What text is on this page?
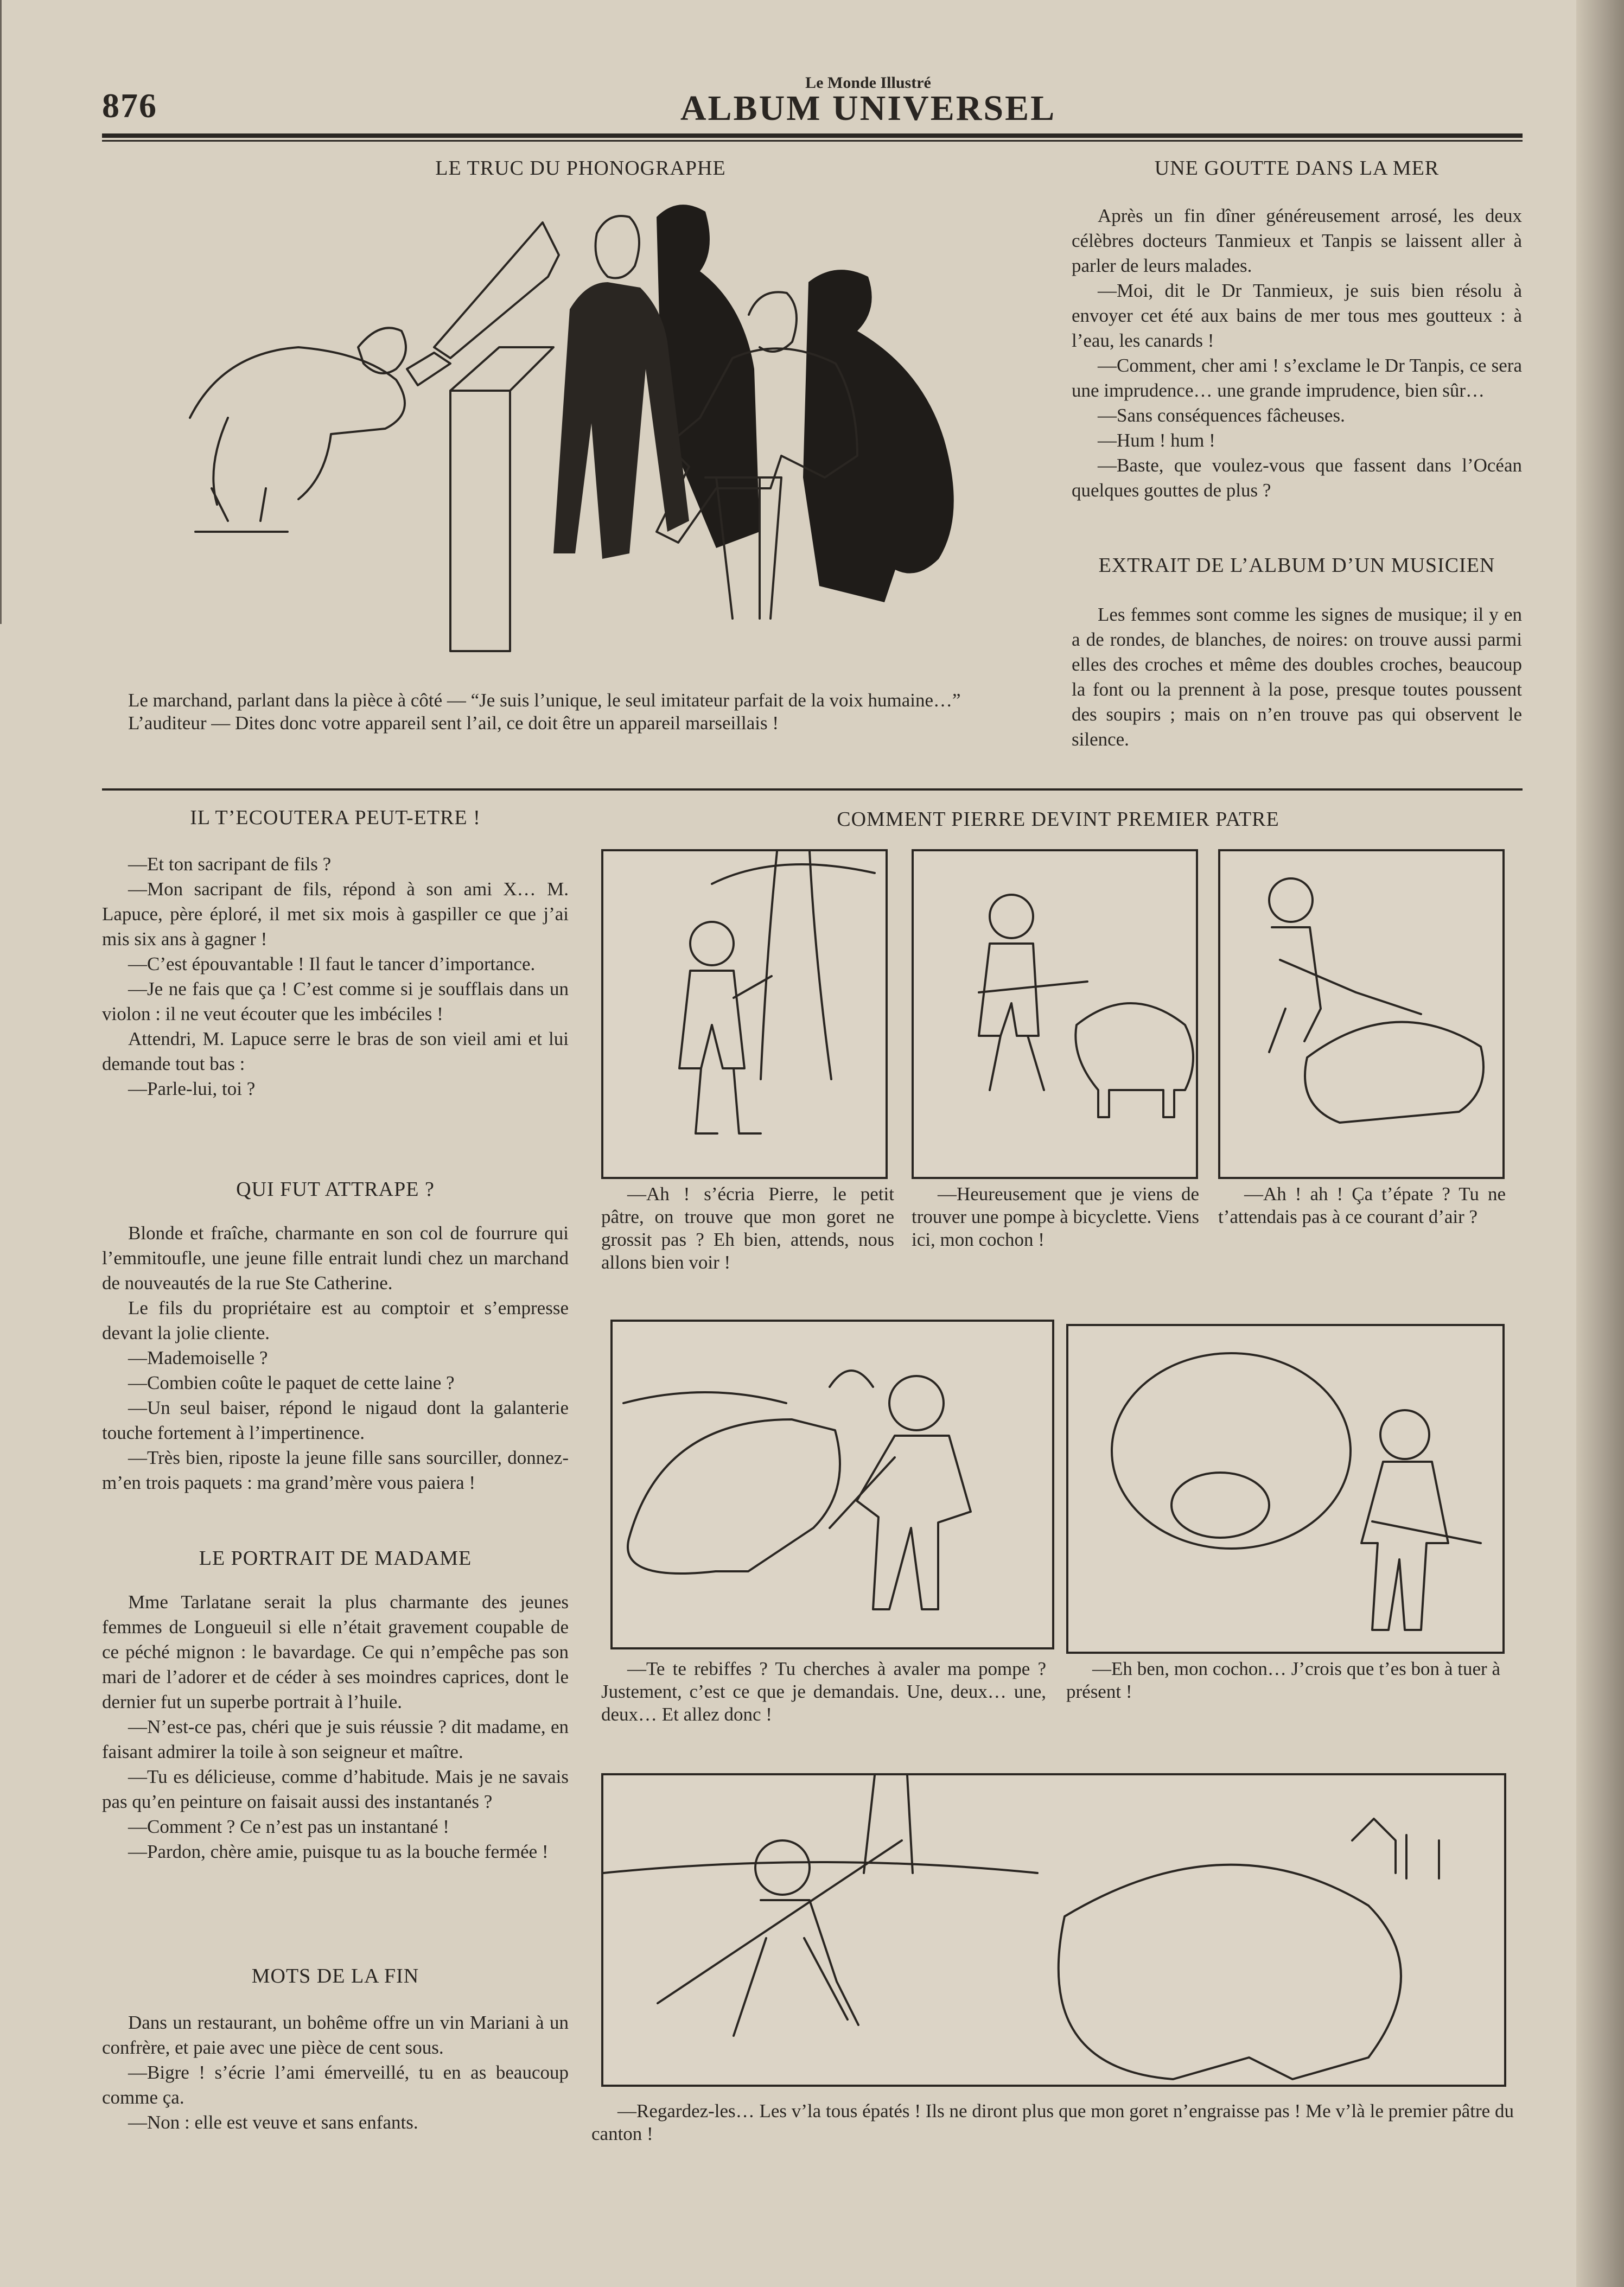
876
Le Monde Illustré
ALBUM UNIVERSEL
LE TRUC DU PHONOGRAPHE

Le marchand, parlant dans la pièce à côté — “Je suis l’unique, le seul imitateur parfait de la voix humaine…”

L’auditeur — Dites donc votre appareil sent l’ail, ce doit être un appareil marseillais !

UNE GOUTTE DANS LA MER

Après un fin dîner généreusement arrosé, les deux célèbres docteurs Tanmieux et Tanpis se laissent aller à parler de leurs malades.

—Moi, dit le Dr Tanmieux, je suis bien résolu à envoyer cet été aux bains de mer tous mes goutteux : à l’eau, les canards !

—Comment, cher ami ! s’exclame le Dr Tanpis, ce sera une imprudence… une grande imprudence, bien sûr…

—Sans conséquences fâcheuses.

—Hum ! hum !

—Baste, que voulez-vous que fassent dans l’Océan quelques gouttes de plus ?

EXTRAIT DE L’ALBUM D’UN MUSICIEN

Les femmes sont comme les signes de musique; il y en a de rondes, de blanches, de noires: on trouve aussi parmi elles des croches et même des doubles croches, beaucoup la font ou la prennent à la pose, presque toutes poussent des soupirs ; mais on n’en trouve pas qui observent le silence.

IL T’ECOUTERA PEUT-ETRE !

—Et ton sacripant de fils ?

—Mon sacripant de fils, répond à son ami X… M. Lapuce, père éploré, il met six mois à gaspiller ce que j’ai mis six ans à gagner !

—C’est épouvantable ! Il faut le tancer d’importance.

—Je ne fais que ça ! C’est comme si je soufflais dans un violon : il ne veut écouter que les imbéciles !

Attendri, M. Lapuce serre le bras de son vieil ami et lui demande tout bas :

—Parle-lui, toi ?

QUI FUT ATTRAPE ?

Blonde et fraîche, charmante en son col de fourrure qui l’emmitoufle, une jeune fille entrait lundi chez un marchand de nouveautés de la rue Ste Catherine.

Le fils du propriétaire est au comptoir et s’empresse devant la jolie cliente.

—Mademoiselle ?

—Combien coûte le paquet de cette laine ?

—Un seul baiser, répond le nigaud dont la galanterie touche fortement à l’impertinence.

—Très bien, riposte la jeune fille sans sourciller, donnez-m’en trois paquets : ma grand’mère vous paiera !

LE PORTRAIT DE MADAME

Mme Tarlatane serait la plus charmante des jeunes femmes de Longueuil si elle n’était gravement coupable de ce péché mignon : le bavardage. Ce qui n’empêche pas son mari de l’adorer et de céder à ses moindres caprices, dont le dernier fut un superbe portrait à l’huile.

—N’est-ce pas, chéri que je suis réussie ? dit madame, en faisant admirer la toile à son seigneur et maître.

—Tu es délicieuse, comme d’habitude. Mais je ne savais pas qu’en peinture on faisait aussi des instantanés ?

—Comment ? Ce n’est pas un instantané !

—Pardon, chère amie, puisque tu as la bouche fermée !

MOTS DE LA FIN

Dans un restaurant, un bohême offre un vin Mariani à un confrère, et paie avec une pièce de cent sous.

—Bigre ! s’écrie l’ami émerveillé, tu en as beaucoup comme ça.

—Non : elle est veuve et sans enfants.

COMMENT PIERRE DEVINT PREMIER PATRE

—Ah ! s’écria Pierre, le petit pâtre, on trouve que mon goret ne grossit pas ? Eh bien, attends, nous allons bien voir !

—Heureusement que je viens de trouver une pompe à bicyclette. Viens ici, mon cochon !

—Ah ! ah ! Ça t’épate ? Tu ne t’attendais pas à ce courant d’air ?

—Te te rebiffes ? Tu cherches à avaler ma pompe ? Justement, c’est ce que je demandais. Une, deux… une, deux… Et allez donc !

—Eh ben, mon cochon… J’crois que t’es bon à tuer à présent !

—Regardez-les… Les v’la tous épatés ! Ils ne diront plus que mon goret n’engraisse pas ! Me v’là le premier pâtre du canton !
